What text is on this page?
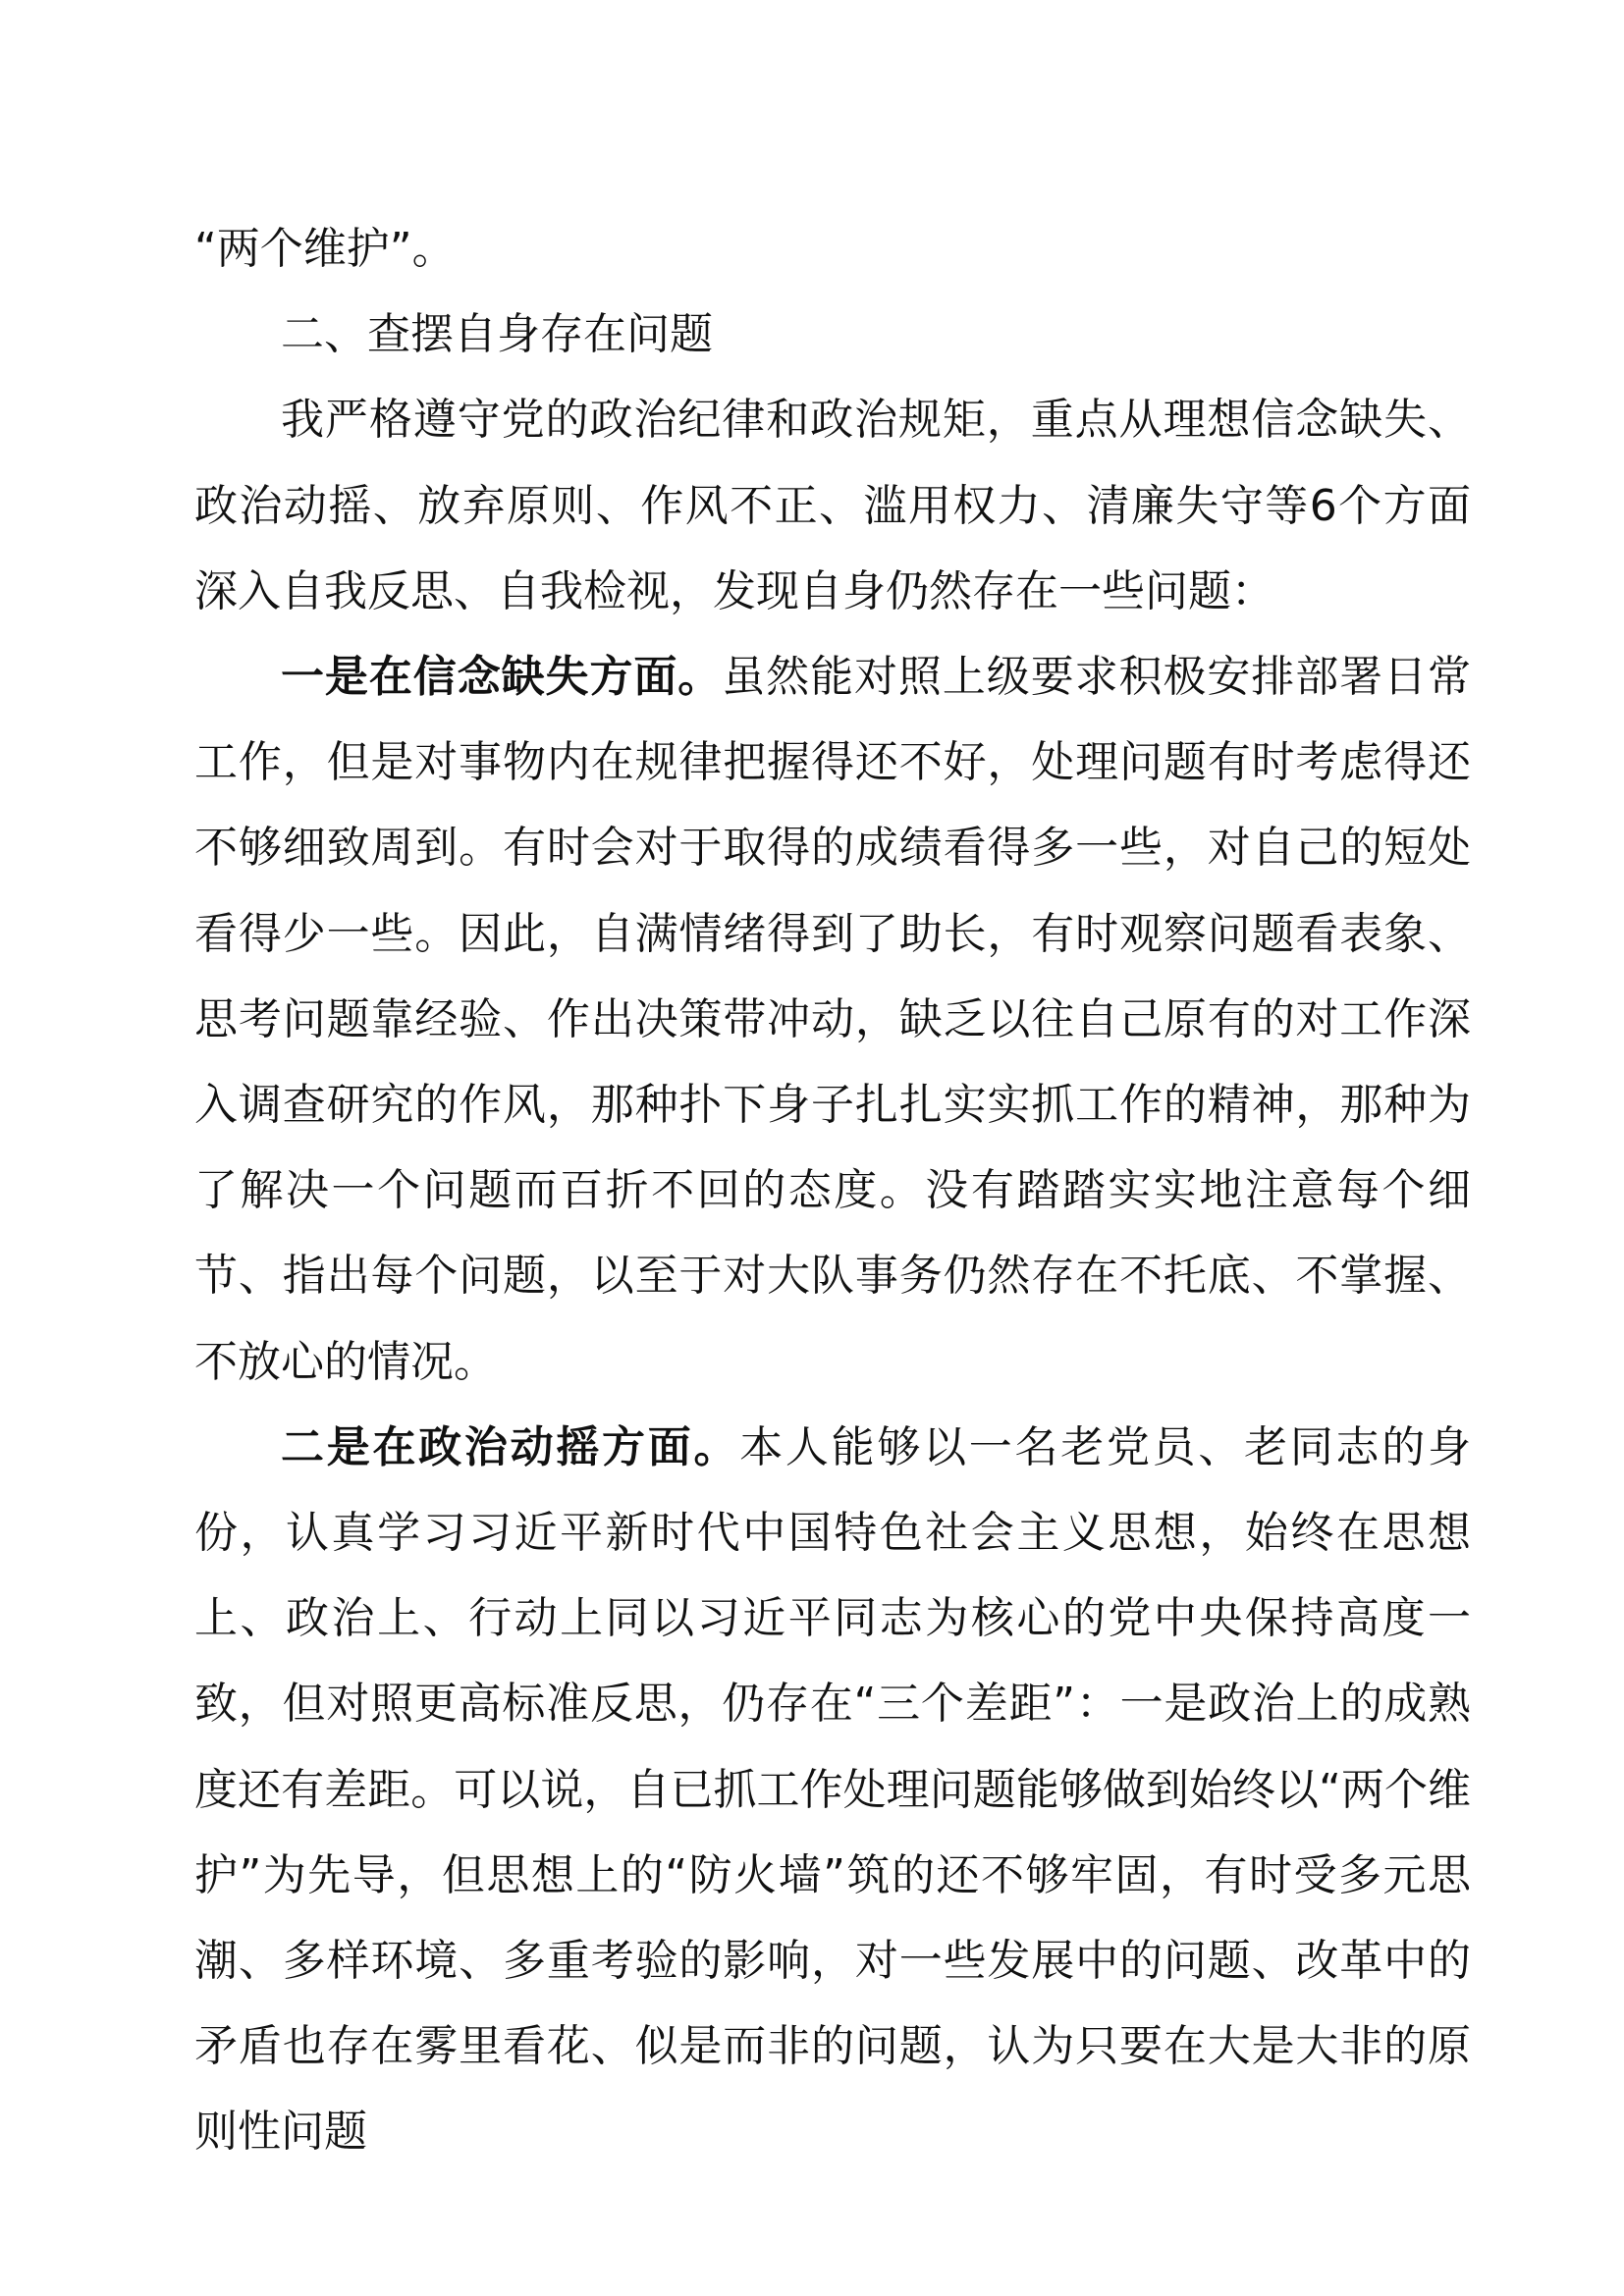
“两个维护”。

二、查摆自身存在问题

我严格遵守党的政治纪律和政治规矩，重点从理想信念缺失、政治动摇、放弃原则、作风不正、滥用权力、清廉失守等6个方面深入自我反思、自我检视，发现自身仍然存在一些问题：

一是在信念缺失方面。虽然能对照上级要求积极安排部署日常工作，但是对事物内在规律把握得还不好，处理问题有时考虑得还不够细致周到。有时会对于取得的成绩看得多一些，对自己的短处看得少一些。因此，自满情绪得到了助长，有时观察问题看表象、思考问题靠经验、作出决策带冲动，缺乏以往自己原有的对工作深入调查研究的作风，那种扑下身子扎扎实实抓工作的精神，那种为了解决一个问题而百折不回的态度。没有踏踏实实地注意每个细节、指出每个问题，以至于对大队事务仍然存在不托底、不掌握、不放心的情况。

二是在政治动摇方面。本人能够以一名老党员、老同志的身份，认真学习习近平新时代中国特色社会主义思想，始终在思想上、政治上、行动上同以习近平同志为核心的党中央保持高度一致，但对照更高标准反思，仍存在“三个差距”：一是政治上的成熟度还有差距。可以说，自已抓工作处理问题能够做到始终以“两个维护”为先导，但思想上的“防火墙”筑的还不够牢固，有时受多元思潮、多样环境、多重考验的影响，对一些发展中的问题、改革中的矛盾也存在雾里看花、似是而非的问题，认为只要在大是大非的原则性问题
